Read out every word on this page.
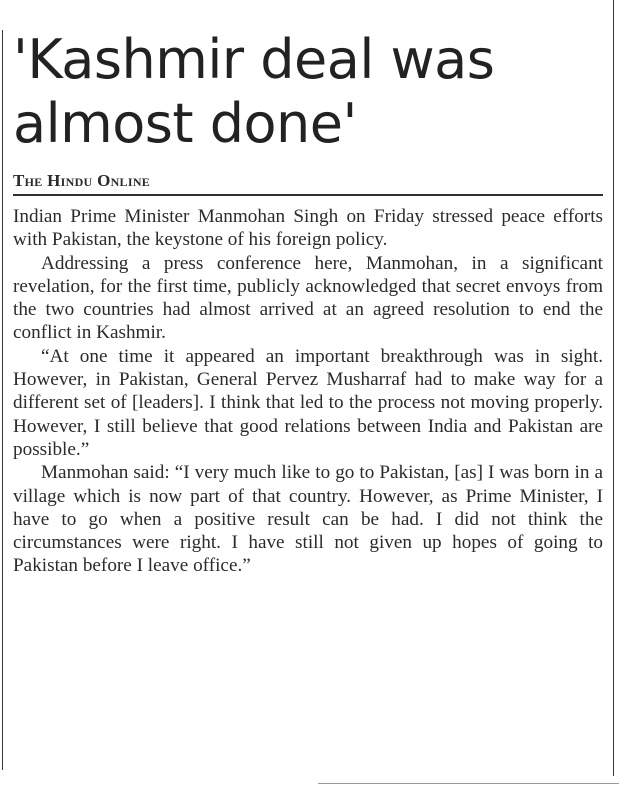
'Kashmir deal was
almost done'
The Hindu Online

Indian Prime Minister Manmohan Singh on Friday stressed peace efforts with Pakistan, the keystone of his foreign policy.

Addressing a press conference here, Manmohan, in a significant revelation, for the first time, publicly acknowledged that secret envoys from the two countries had almost arrived at an agreed resolution to end the conflict in Kashmir.

“At one time it appeared an important breakthrough was in sight. However, in Pakistan, General Pervez Musharraf had to make way for a different set of [leaders]. I think that led to the process not moving properly. However, I still believe that good relations between India and Pakistan are possible.”

Manmohan said: “I very much like to go to Pakistan, [as] I was born in a village which is now part of that country. However, as Prime Minister, I have to go when a positive result can be had. I did not think the circumstances were right. I have still not given up hopes of going to Pakistan before I leave office.”
